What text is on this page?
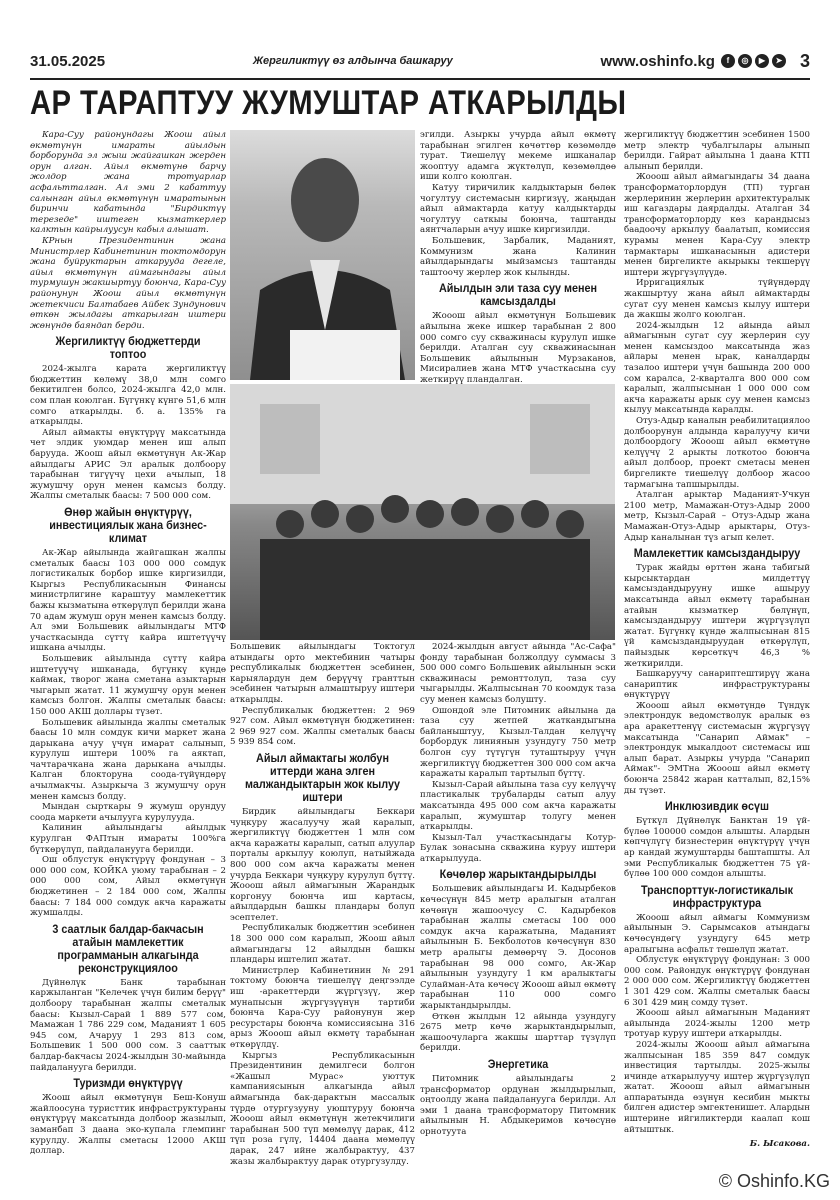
31.05.2025	Жергиликтүү өз алдынча башкаруу	www.oshinfo.kg	f	◎	▶	➤ 3
АР ТАРАПТУУ ЖУМУШТАР АТКАРЫЛДЫ

Кара-Суу районундагы Жоош айыл өкмөтүнүн имараты айылдын борборунда эл жыш жайгашкан жерден орун алган. Айыл өкмөтүнө барчу жолдор жана тротуарлар асфальтталган. Ал эми 2 кабаттуу салынган айыл өкмөтүнүн имаратынын биринчи кабатында "Бирдиктүү терезеде" иштеген кызматкерлер калктын кайрылуусун кабыл алышат.

КРнын Президентинин жана Министрлер Кабинетинин токтомдорун жана буйруктарын аткарууда дегеле, айыл өкмөтүнүн аймагындагы айыл турмушун жакшыртуу боюнча, Кара-Суу районунун Жоош айыл өкмөтүнүн жетекчиси Балтабаев Айбек Зундунович өткөн жылдагы аткарылган иштери жөнүндө баяндап берди.

Жергиликтүү бюджеттерди топтоо

2024-жылга карата жергиликтүү бюджеттин көлөмү 38,0 млн сомго бекитилген болсо, 2024-жылга 42,0 млн. сом план коюлган. Бүгүнкү күнгө 51,6 млн сомго аткарылды. б. а. 135% га аткарылды.

Айыл аймакты өнүктүрүү максатында чет элдик уюмдар менен иш алып барууда. Жоош айыл өкмөтүнүн Ак-Жар айылдагы АРИС Эл аралык долбоору тарабынан тигүүчү цехи ачылып, 18 жумушчу орун менен камсыз болду. Жалпы сметалык баасы: 7 500 000 сом.

Өнөр жайын өнүктүрүү, инвестициялык жана бизнес-климат

Ак-Жар айылында жайгашкан жалпы сметалык баасы 103 000 000 сомдук логистикалык борбор ишке киргизилди, Кыргыз Республикасынын Финансы министрлигине караштуу мамлекеттик бажы кызматына өткөрүлүп берилди жана 70 адам жумуш орун менен камсыз болду. Ал эми Большевик айылындагы МТФ участкасында сүттү кайра иштетүүчү ишкана ачылды.

Большевик айылында сүттү кайра иштетүүчү ишканада, бүгүнкү күндө каймак, творог жана сметана азыктарын чыгарып жатат. 11 жумушчу орун менен камсыз болгон. Жалпы сметалык баасы: 150 000 АКШ доллары түзөт.

Большевик айылында жалпы сметалык баасы 10 млн сомдук кичи маркет жана дарыкана ачуу үчүн имарат салынып, курулуш иштери 100% га аяктап, чачтарачкана жана дарыкана ачылды. Калган блокторуна соода-түйүндөрү ачылмакчы. Азыркыча 3 жумушчу орун менен камсыз болду.

Мындан сырткары 9 жумуш орундуу соода маркети ачылууга курулууда.

Калинин айылындагы айылдык курулган ФАПтын имараты 100%га бүткөрүлүп, пайдаланууга берилди.

Ош облустук өнүктүрүү фондунан – 3 000 000 сом, КОЙКА уюму тарабынан – 2 000 000 сом, Айыл өкмөтүнүн бюджетинен – 2 184 000 сом, Жалпы баасы: 7 184 000 сомдук акча каражаты жумшалды.

3 саатлык балдар-бакчасын атайын мамлекеттик программанын алкагында реконструкциялоо

Дүйнөлүк Банк тарабынан каржыланган "Келечек үчүн билим берүү" долбоору тарабынан жалпы сметалык баасы: Кызыл-Сарай 1 889 577 сом, Мамажан 1 786 229 сом, Маданият 1 605 945 сом, Ачаруу 1 293 813 сом, Большевик 1 500 000 сом. 3 сааттык балдар-бакчасы 2024-жылдын 30-майында пайдаланууга берилди.

Туризмди өнүктүрүү

Жоош айыл өкмөтүнүн Беш-Конуш жайлоосуна туристтик инфраструктураны өнүктүрүү максатында долбоор жазылып, заманбап 3 даана эко-купала глемпинг курулду. Жалпы сметасы 12000 АКШ доллар.

эгилди. Азыркы учурда айыл өкмөтү тарабынан эгилген көчөттөр көзөмөлдө турат. Тиешелүү мекеме ишканалар жооптуу адамга жүктөлүп, көзөмөлдөө иши колго коюлган.

Катуу тиричилик калдыктарын бөлөк чогултуу системасын киргизүү, жаңыдан айыл аймактарда катуу калдыктарды чогултуу саткыы боюнча, таштанды аянтчаларын ачуу ишке киргизилди.

Большевик, Зарбалик, Маданият, Коммунизм жана Калинин айылдарындагы мыйзамсыз таштанды таштоочу жерлер жок кылынды.

Айылдын эли таза суу менен камсыздалды

Жооош айыл өкмөтүнүн Большевик айылына жеке ишкер тарабынан 2 800 000 сомго суу скважинасы курулуп ишке берилди. Аталган суу скважинасынан Большевик айылынын Мурзаканов, Мисиралиев жана МТФ участкасына суу жеткирүү пландалган.

Большевик айылындагы Токтогул атындагы орто мектебинин чатыры республикалык бюджеттен эсебинен, карыялардун дем берүүчү гранттын эсебинен чатырын алмаштыруу иштери аткарылды.

Республикалык бюджеттен: 2 969 927 сом. Айыл өкмөтүнүн бюджетинен: 2 969 927 сом. Жалпы сметалык баасы 5 939 854 сом.

Айыл аймактагы жолбун иттерди жана элген малжандыктарын жок кылуу иштери

Бирдик айылындагы Беккари чуңкуру жасалуучу жай каралып, жергиликтүү бюджеттен 1 млн сом акча каражаты каралып, сатып алуулар порталы аркылуу коюлуп, натыйжада 800 000 сом акча каражаты менен учурда Беккари чуңкуру курулуп бүттү. Жооош айыл аймагынын Жарандык коргонуу боюнча иш картасы, айылдардын башкы пландары болуп эсептелет.

Республикалык бюджеттин эсебинен 18 300 000 сом каралып, Жоош айыл аймагындагы 12 айылдын башкы пландары иштелип жатат.

Министрлер Кабинетинин №291 токтому боюнча тиешелүү деңгээлде иш -аракеттерди жүргүзүү, жер мунапысын жүргүзүүнүн тартиби боюнча Кара-Суу районунун жер ресурстары боюнча комиссиясына 316 арыз Жооош айыл өкмөтү тарабынан өткөрүлдү.

Кыргыз Республикасынын Президентинин демилгеси болгон «Жашыл Мурас» уюттук кампаниясынын алкагында айыл аймагында бак-дарактын массалык түрдө отургузууну уюштуруу боюнча Жооош айыл өкмөтүнүн жетекчилиги тарабынан 500 түп мөмөлүү дарак, 412 түп роза гүлү, 14404 даана мөмөлүү дарак, 247 ийне жалбырактуу, 437 жазы жалбырактуу дарак отургузулду.

2024-жылдын август айында "Ас-Сафа" фонду тарабынан болжолдуу суммасы 3 500 000 сомго Большевик айылынын эски скважинасы ремонттолуп, таза суу чыгарылды. Жалпысынан 70 коомдук таза суу менен камсыз болушту.

Ошондой эле Питомник айылына да таза суу жетпей жаткандыгына байланыштуу, Кызыл-Талдан келүүчү борбордук линиянын узундугу 750 метр болгон суу түтүгүн туташтыруу үчүн жергиликтүү бюджеттен 300 000 сом акча каражаты каралып тартылып бүттү.

Кызыл-Сарай айылына таза суу келүүчү пластикалык трубаларды сатып алуу максатында 495 000 сом акча каражаты каралып, жумуштар толугу менен аткарылды.

Кызыл-Тал участкасындагы Котур-Булак зонасына скважина куруу иштери аткарылууда.

Көчөлөр жарыктандырылды

Большевик айылындагы И. Кадырбеков көчөсүнүн 845 метр аралыгын аталган көчөнүн жашоочусу С. Кадырбеков тарабынан жалпы сметасы 100 000 сомдук акча каражатына, Маданият айылынын Б. Бекболотов көчөсүнүн 830 метр аралыгы демөөрчү Э. Досонов тарабынан 98 000 сомго, Ак-Жар айылынын узундугу 1 км аралыктагы Сулайман-Ата көчөсү Жооош айыл өкмөтү тарабынан 110 000 сомго жарыктандырылды.

Өткөн жылдын 12 айында узундугу 2675 метр көчө жарыктандырылып, жашоочуларга жакшы шарттар түзүлүп берилди.

Энергетика

Питомник айылындагы 2 трансформатор ордунан жылдырылып, оңтоолду жана пайдаланууга берилди. Ал эми 1 даана трансформатору Питомник айылынын Н. Абдыкеримов көчөсүнө орнотуута

жергиликтүү бюджеттин эсебинен 1500 метр электр чубалгылары алынып берилди. Гайрат айылына 1 даана КТП алынып берилди.

Жооош айыл аймагындагы 34 даана трансформаторлордун (ТП) турган жерлеринин жерлерин архитектуралык иш кагаздары даярдалды. Аталган 34 трансформаторлорду көз карандысыз баадоочу аркылуу баалатып, комиссия курамы менен Кара-Суу электр тармактары ишканасынын адистери менен биргеликте акырыкы текшерүү иштери жүргүзүлүүдө.

Ирригациялык түйүндөрдү жакшыртуу жана айыл аймактарды сугат суу менен камсыз кылуу иштери да жакшы жолго коюлган.

2024-жылдын 12 айында айыл аймагынын сугат суу жерлерин суу менен камсыздоо максатында жаз айлары менен ырак, каналдарды тазалоо иштери үчүн башында 200 000 сом каралса, 2-кварталга 800 000 сом каралып, жалпысынан 1 000 000 сом акча каражаты арык суу менен камсыз кылуу максатында каралды.

Отуз-Адыр каналын реабилитациялоо долбоорунун алдында каралуучу кичи долбоордогу Жооош айыл өкмөтүнө келүүчү 2 арыкты лоткотоо боюнча айыл долбоор, проект сметасы менен биргеликте тиешелүү долбоор жасоо тармагына тапшырылды.

Аталган арыктар Маданият-Учкун 2100 метр, Мамажан-Отуз-Адыр 2000 метр, Кызыл-Сарай – Отуз-Адыр жана Мамажан-Отуз-Адыр арыктары, Отуз-Адыр каналынан түз агып келет.

Мамлекеттик камсыздандыруу

Турак жайды өрттөн жана табигый кырсыктардан милдеттүү камсыздандырууну ишке ашыруу максатында айыл өкмөтү тарабынан атайын кызматкер бөлүнүп, камсыздандыруу иштери жүргүзүлүп жатат. Бүгүнкү күндө жалпысынан 815 үй камсыздандыруудан өткөрүлүп, пайыздык көрсөткүч 46,3 % жеткирилди.

Башкаруучу санариптештирүү жана санариптик инфраструктураны өнүктүрүү

Жооош айыл өкмөтүндө Түндүк электрондук ведомстволук аралык өз ара аракеттенүү системасын жүргүзүү максатында "Санарип Аймак" – электрондук мыкалдоот системасы иш алып барат. Азыркы учурда "Санарип Аймак"- ЭМТна Жооош айыл өкмөтү боюнча 25842 жаран катталып, 82,15% ды түзөт.

Инклюзивдик өсүш

Бүткүл Дүйнөлүк Банктан 19 үй-бүлөө 100000 сомдон алышты. Алардын көпчүлүгү бизнестерин өнүктүрүү үчүн ар кандай жумуштарды баштапшты. Ал эми Республикалык бюджеттен 75 үй-бүлөө 100 000 сомдон алышты.

Транспорттук-логистикалык инфраструктура

Жооош айыл аймагы Коммунизм айылынын Э. Сарымсаков атындагы көчөсүндөгү узундугу 645 метр аралыгына асфальт төшөлүп жатат.

Облустук өнүктүрүү фондунан: 3 000 000 сом. Райондук өнүктүрүү фондунан 2 000 000 сом. Жергиликтүү бюджеттен 1 301 429 сом. Жалпы сметалык баасы 6 301 429 миң сомду түзөт.

Жооош айыл аймагынын Маданият айылында 2024-жылы 1200 метр тротуар куруу иштери аткарылды.

2024-жылы Жооош айыл аймагына жалпысынан 185 359 847 сомдук инвестиция тартылды. 2025-жылы ичинде аткарылуучу иштер жүргүзүлүп жатат. Жооош айыл аймагынын аппаратында өзүнүн кесибин мыкты билген адистер эмгектенишет. Алардын иштерине ийгиликтерди каалап кош айтыштык.

Б. Ысакова.
© Oshinfo.KG
